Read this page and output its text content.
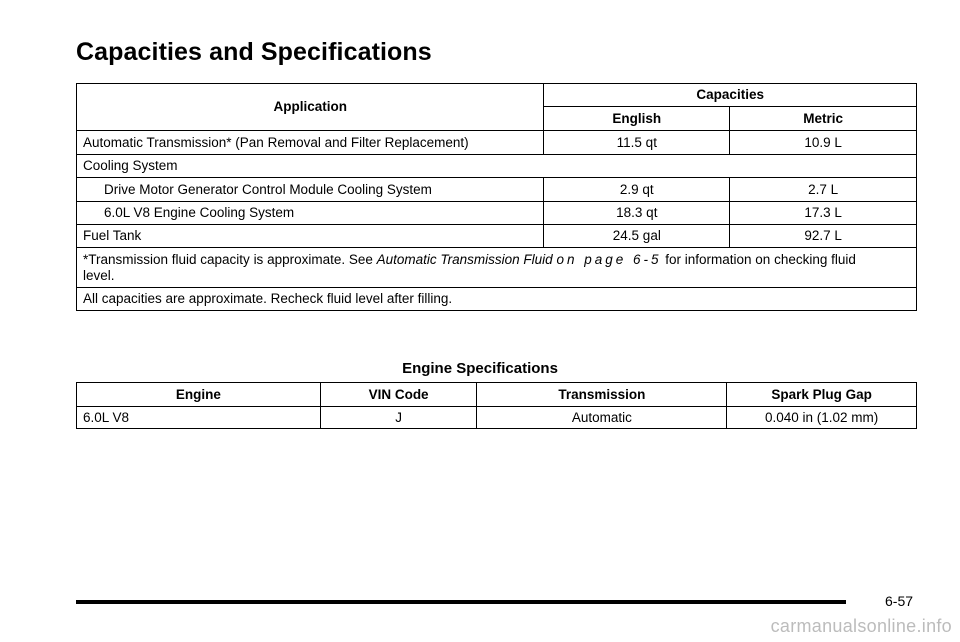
Capacities and Specifications
Application	Capacities	
	English	Metric
Automatic Transmission* (Pan Removal and Filter Replacement)	11.5 qt	10.9 L
Cooling System		
Drive Motor Generator Control Module Cooling System	2.9 qt	2.7 L
6.0L V8 Engine Cooling System	18.3 qt	17.3 L
Fuel Tank	24.5 gal	92.7 L
*Transmission fluid capacity is approximate. See Automatic Transmission Fluid on page 6-5 for information on checking fluid level.		
All capacities are approximate. Recheck fluid level after filling.		
Engine Specifications
Engine	VIN Code	Transmission	Spark Plug Gap
6.0L V8	J	Automatic	0.040 in (1.02 mm)
6-57
carmanualsonline.info
